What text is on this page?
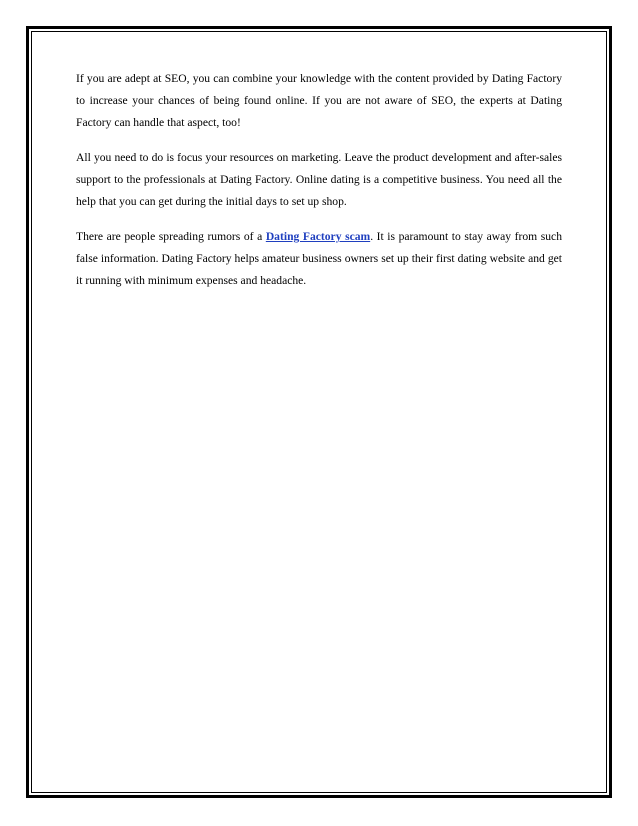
If you are adept at SEO, you can combine your knowledge with the content provided by Dating Factory to increase your chances of being found online. If you are not aware of SEO, the experts at Dating Factory can handle that aspect, too!

All you need to do is focus your resources on marketing. Leave the product development and after-sales support to the professionals at Dating Factory. Online dating is a competitive business. You need all the help that you can get during the initial days to set up shop.

There are people spreading rumors of a Dating Factory scam. It is paramount to stay away from such false information. Dating Factory helps amateur business owners set up their first dating website and get it running with minimum expenses and headache.
